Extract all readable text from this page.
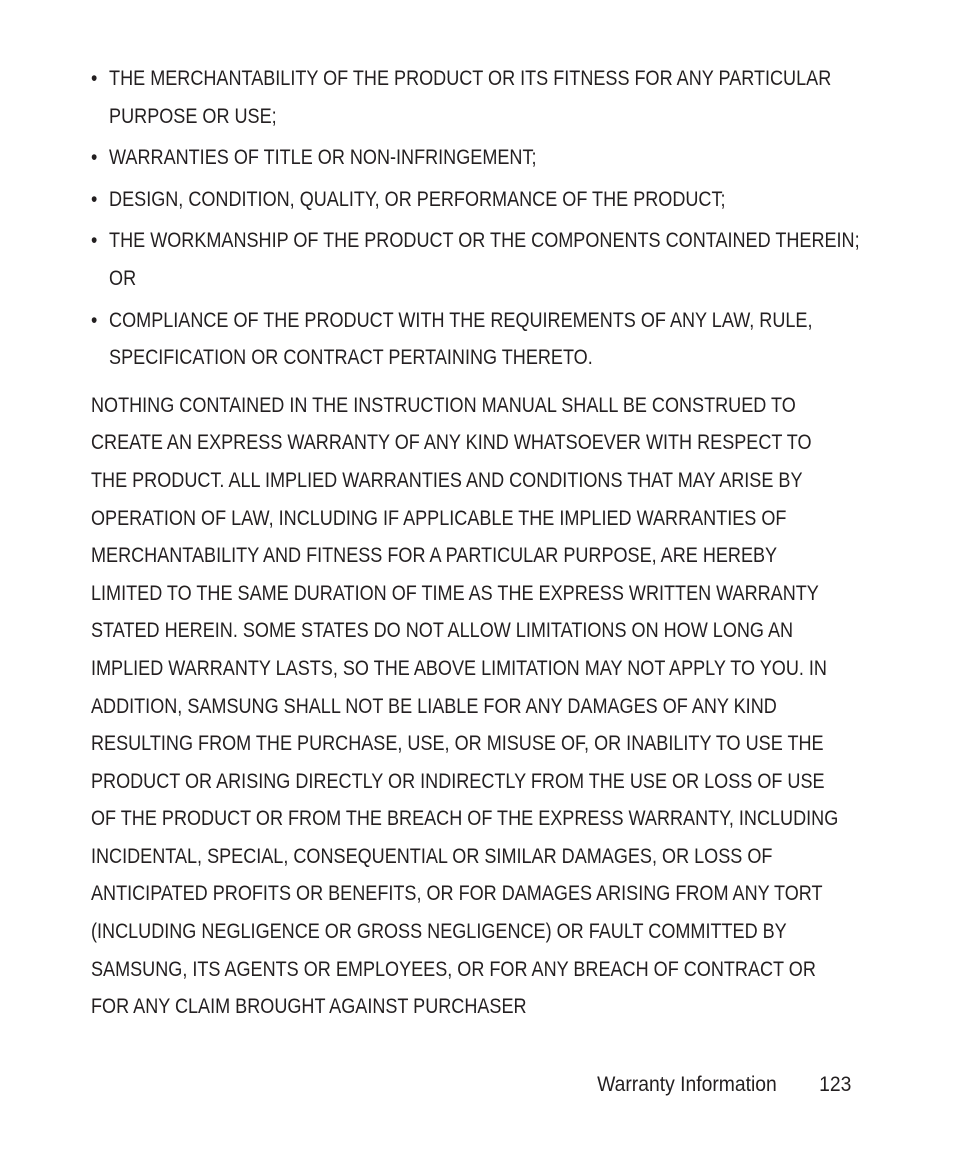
• THE MERCHANTABILITY OF THE PRODUCT OR ITS FITNESS FOR ANY PARTICULAR PURPOSE OR USE;
• WARRANTIES OF TITLE OR NON-INFRINGEMENT;
• DESIGN, CONDITION, QUALITY, OR PERFORMANCE OF THE PRODUCT;
• THE WORKMANSHIP OF THE PRODUCT OR THE COMPONENTS CONTAINED THEREIN; OR
• COMPLIANCE OF THE PRODUCT WITH THE REQUIREMENTS OF ANY LAW, RULE, SPECIFICATION OR CONTRACT PERTAINING THERETO.

NOTHING CONTAINED IN THE INSTRUCTION MANUAL SHALL BE CONSTRUED TO CREATE AN EXPRESS WARRANTY OF ANY KIND WHATSOEVER WITH RESPECT TO THE PRODUCT. ALL IMPLIED WARRANTIES AND CONDITIONS THAT MAY ARISE BY OPERATION OF LAW, INCLUDING IF APPLICABLE THE IMPLIED WARRANTIES OF MERCHANTABILITY AND FITNESS FOR A PARTICULAR PURPOSE, ARE HEREBY LIMITED TO THE SAME DURATION OF TIME AS THE EXPRESS WRITTEN WARRANTY STATED HEREIN. SOME STATES DO NOT ALLOW LIMITATIONS ON HOW LONG AN IMPLIED WARRANTY LASTS, SO THE ABOVE LIMITATION MAY NOT APPLY TO YOU. IN ADDITION, SAMSUNG SHALL NOT BE LIABLE FOR ANY DAMAGES OF ANY KIND RESULTING FROM THE PURCHASE, USE, OR MISUSE OF, OR INABILITY TO USE THE PRODUCT OR ARISING DIRECTLY OR INDIRECTLY FROM THE USE OR LOSS OF USE OF THE PRODUCT OR FROM THE BREACH OF THE EXPRESS WARRANTY, INCLUDING INCIDENTAL, SPECIAL, CONSEQUENTIAL OR SIMILAR DAMAGES, OR LOSS OF ANTICIPATED PROFITS OR BENEFITS, OR FOR DAMAGES ARISING FROM ANY TORT (INCLUDING NEGLIGENCE OR GROSS NEGLIGENCE) OR FAULT COMMITTED BY SAMSUNG, ITS AGENTS OR EMPLOYEES, OR FOR ANY BREACH OF CONTRACT OR FOR ANY CLAIM BROUGHT AGAINST PURCHASER

Warranty Information 123
